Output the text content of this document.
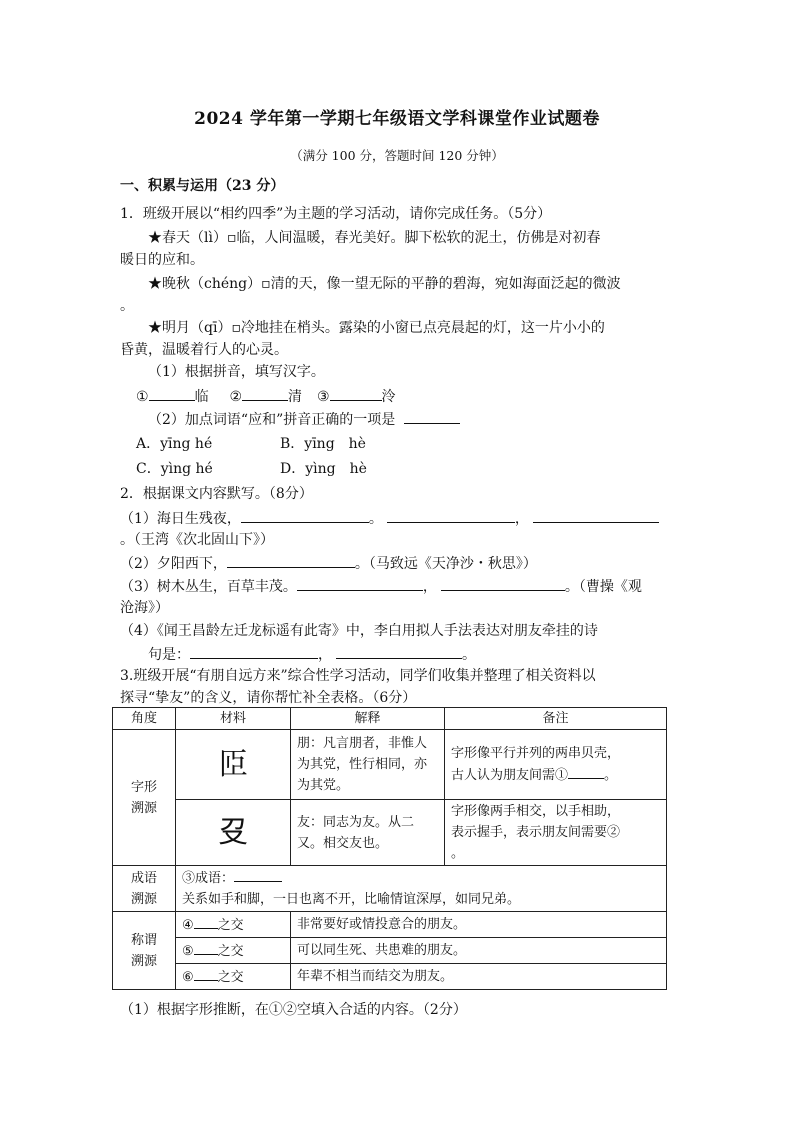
2024 学年第一学期七年级语文学科课堂作业试题卷
（满分 100 分，答题时间 120 分钟）
一、积累与运用（23 分）
1．班级开展以“相约四季”为主题的学习活动，请你完成任务。（5分）
★春天（lì）▫临，人间温暖，春光美好。脚下松软的泥土，仿佛是对初春
暖日的应和。
★晚秋（chéng）▫清的天，像一望无际的平静的碧海，宛如海面泛起的微波
。
★明月（qī）▫冷地挂在梢头。露染的小窗已点亮晨起的灯，这一片小小的
昏黄，温暖着行人的心灵。
（1）根据拼音，填写汉字。
①	临 ②	清 ③	泠
（2）加点词语“应和”拼音正确的一项是
A．yīng hé	B．yīng　hè
C．yìng hé	D．yìng　hè
2．根据课文内容默写。（8分）
（1）海日生残夜，	。	，
。（王湾《次北固山下》）
（2）夕阳西下，	。（马致远《天净沙・秋思》）
（3）树木丛生，百草丰茂。	，	。（曹操《观
沧海》）
（4）《闻王昌龄左迁龙标遥有此寄》中，李白用拟人手法表达对朋友牵挂的诗
句是：	，	。
3.班级开展“有朋自远方来”综合性学习活动，同学们收集并整理了相关资料以
探寻“挚友”的含义，请你帮忙补全表格。（6分）
角度	材料	解释	备注
字形
溯源	𦣝	朋：凡言朋者，非惟人为其党，性行相同，亦为其党。	字形像平行并列的两串贝壳，
古人认为朋友间需① 。
	𠬛	友：同志为友。从二又。相交友也。	字形像两手相交，以手相助，
表示握手，表示朋友间需要②
。
成语
溯源	③成语：
关系如手和脚，一日也离不开，比喻情谊深厚，如同兄弟。		
称谓
溯源	④ 之交	非常要好或情投意合的朋友。	
	⑤ 之交	可以同生死、共患难的朋友。	
	⑥ 之交	年辈不相当而结交为朋友。	
（1）根据字形推断，在①②空填入合适的内容。（2分）
